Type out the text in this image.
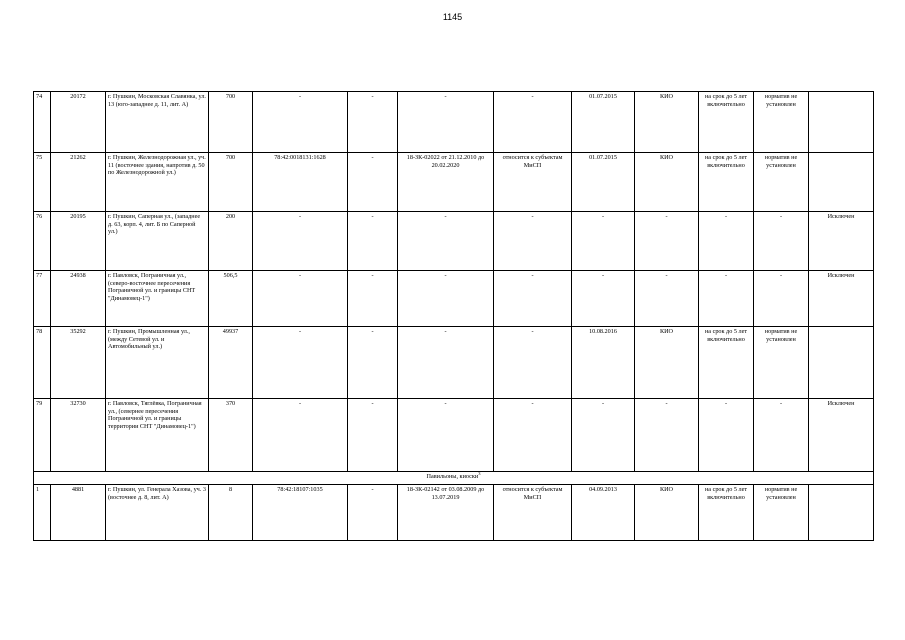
1145
74	20172	г. Пушкин, Московская Славянка, ул. 13 (юго-западнее д. 11, лит. А)	700	-	-	-	-	01.07.2015	КИО	на срок до 5 лет включительно	норматив не установлен	
75	21262	г. Пушкин, Железнодорожная ул., уч. 11 (восточнее здания, напротив д. 50 по Железнодорожной ул.)	700	78:42:0018131:1628	-	18-ЗК-02022 от 21.12.2010 до 20.02.2020	относится к субъектам МиСП	01.07.2015	КИО	на срок до 5 лет включительно	норматив не установлен	
76	20195	г. Пушкин, Саперная ул., (западнее д. 63, корп. 4, лит. Б по Саперной ул.)	200	-	-	-	-	-	-	-	-	Исключен
77	24938	г. Павловск, Пограничная ул., (северо-восточнее пересечения Пограничной ул. и границы СНТ "Динамовец-1")	506,5	-	-	-	-	-	-	-	-	Исключен
78	35292	г. Пушкин, Промышленная ул., (между Сетевой ул. и Автомобильный ул.)	49937	-	-	-	-	10.08.2016	КИО	на срок до 5 лет включительно	норматив не установлен	
79	32730	г. Павловск, Тяглёвка, Пограничная ул., (севернее пересечения Пограничной ул. и границы территории СНТ "Динамовец-1")	370	-	-	-	-	-	-	-	-	Исключен
Павильоны, киоски$^3$
1	4881	г. Пушкин, ул. Генерала Хазова, уч. 3 (восточнее д. 8, лит. А)	8	78:42:18107:1035	-	18-ЗК-02142 от 03.08.2009 до 13.07.2019	относится к субъектам МиСП	04.09.2013	КИО	на срок до 5 лет включительно	норматив не установлен	
